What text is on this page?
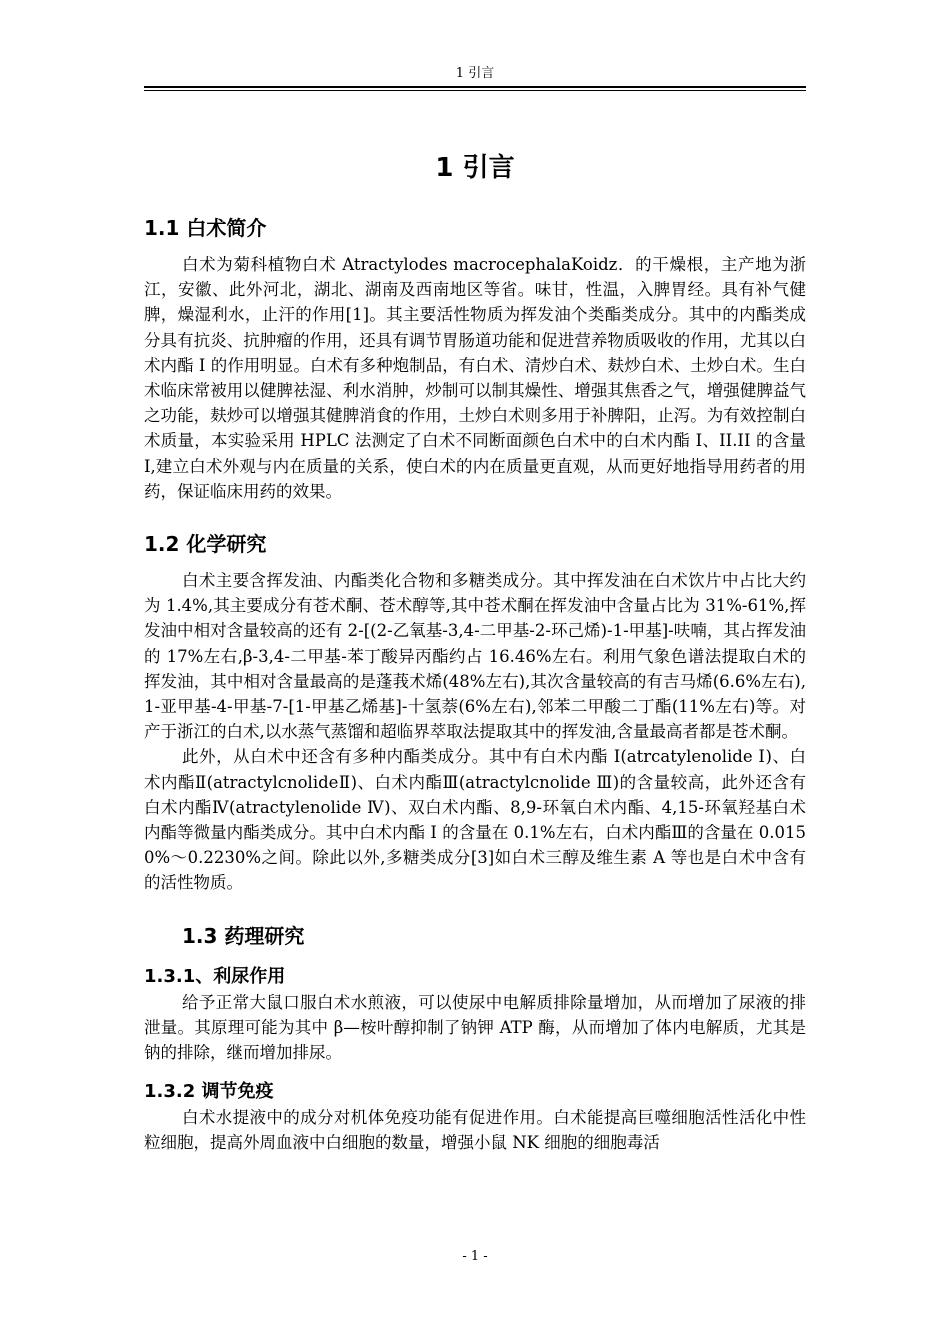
1 引言
1 引言
1.1 白术简介

白术为菊科植物白术 Atractylodes macrocephalaKoidz．的干燥根，主产地为浙江，安徽、此外河北，湖北、湖南及西南地区等省。味甘，性温，入脾胃经。具有补气健脾，燥湿利水，止汗的作用[1]。其主要活性物质为挥发油个类酯类成分。其中的内酯类成分具有抗炎、抗肿瘤的作用，还具有调节胃肠道功能和促进营养物质吸收的作用，尤其以白术内酯 I 的作用明显。白术有多种炮制品，有白术、清炒白术、麸炒白术、土炒白术。生白术临床常被用以健脾祛湿、利水消肿，炒制可以制其燥性、增强其焦香之气，增强健脾益气之功能，麸炒可以增强其健脾消食的作用，土炒白术则多用于补脾阳，止泻。为有效控制白术质量，本实验采用 HPLC 法测定了白术不同断面颜色白术中的白术内酯 I、II.II 的含量 I,建立白术外观与内在质量的关系，使白术的内在质量更直观，从而更好地指导用药者的用药，保证临床用药的效果。

1.2 化学研究

白术主要含挥发油、内酯类化合物和多糖类成分。其中挥发油在白术饮片中占比大约为 1.4%,其主要成分有苍术酮、苍术醇等,其中苍术酮在挥发油中含量占比为 31%-61%,挥发油中相对含量较高的还有 2-[(2-乙氧基-3,4-二甲基-2-环己烯)-1-甲基]-呋喃，其占挥发油的 17%左右,β-3,4-二甲基-苯丁酸异丙酯约占 16.46%左右。利用气象色谱法提取白术的挥发油，其中相对含量最高的是蓬莪术烯(48%左右),其次含量较高的有吉马烯(6.6%左右),1-亚甲基-4-甲基-7-[1-甲基乙烯基]-十氢萘(6%左右),邻苯二甲酸二丁酯(11%左右)等。对产于浙江的白术,以水蒸气蒸馏和超临界萃取法提取其中的挥发油,含量最高者都是苍术酮。

此外，从白术中还含有多种内酯类成分。其中有白术内酯 I(atrcatylenolide Ⅰ)、白术内酯Ⅱ(atractylcnolideⅡ)、白术内酯Ⅲ(atractylcnolide Ⅲ)的含量较高，此外还含有白术内酯Ⅳ(atractylenolide Ⅳ)、双白术内酯、8,9-环氧白术内酯、4,15-环氧羟基白术内酯等微量内酯类成分。其中白术内酯 I 的含量在 0.1%左右，白术内酯Ⅲ的含量在 0.0150%～0.2230%之间。除此以外,多糖类成分[3]如白术三醇及维生素 A 等也是白术中含有的活性物质。

1.3 药理研究
1.3.1、利尿作用

给予正常大鼠口服白术水煎液，可以使尿中电解质排除量增加，从而增加了尿液的排泄量。其原理可能为其中 β—桉叶醇抑制了钠钾 ATP 酶，从而增加了体内电解质，尤其是钠的排除，继而增加排尿。

1.3.2 调节免疫

白术水提液中的成分对机体免疫功能有促进作用。白术能提高巨噬细胞活性活化中性粒细胞，提高外周血液中白细胞的数量，增强小鼠 NK 细胞的细胞毒活

- 1 -
